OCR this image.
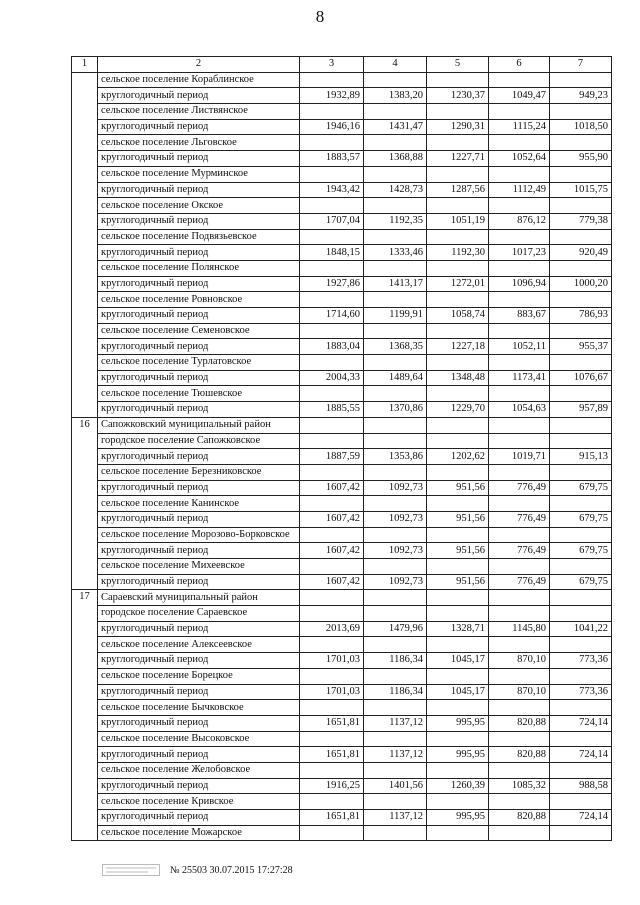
8
1	2	3	4	5	6	7
	сельское поселение Кораблинское					
	круглогодичный период	1932,89	1383,20	1230,37	1049,47	949,23
	сельское поселение Листвянское					
	круглогодичный период	1946,16	1431,47	1290,31	1115,24	1018,50
	сельское поселение Льговское					
	круглогодичный период	1883,57	1368,88	1227,71	1052,64	955,90
	сельское поселение Мурминское					
	круглогодичный период	1943,42	1428,73	1287,56	1112,49	1015,75
	сельское поселение Окское					
	круглогодичный период	1707,04	1192,35	1051,19	876,12	779,38
	сельское поселение Подвязьевское					
	круглогодичный период	1848,15	1333,46	1192,30	1017,23	920,49
	сельское поселение Полянское					
	круглогодичный период	1927,86	1413,17	1272,01	1096,94	1000,20
	сельское поселение Ровновское					
	круглогодичный период	1714,60	1199,91	1058,74	883,67	786,93
	сельское поселение Семеновское					
	круглогодичный период	1883,04	1368,35	1227,18	1052,11	955,37
	сельское поселение Турлатовское					
	круглогодичный период	2004,33	1489,64	1348,48	1173,41	1076,67
	сельское поселение Тюшевское					
	круглогодичный период	1885,55	1370,86	1229,70	1054,63	957,89
16	Сапожковский муниципальный район					
	городское поселение Сапожковское					
	круглогодичный период	1887,59	1353,86	1202,62	1019,71	915,13
	сельское поселение Березниковское					
	круглогодичный период	1607,42	1092,73	951,56	776,49	679,75
	сельское поселение Канинское					
	круглогодичный период	1607,42	1092,73	951,56	776,49	679,75
	сельское поселение Морозово-Борковское					
	круглогодичный период	1607,42	1092,73	951,56	776,49	679,75
	сельское поселение Михеевское					
	круглогодичный период	1607,42	1092,73	951,56	776,49	679,75
17	Сараевский муниципальный район					
	городское поселение Сараевское					
	круглогодичный период	2013,69	1479,96	1328,71	1145,80	1041,22
	сельское поселение Алексеевское					
	круглогодичный период	1701,03	1186,34	1045,17	870,10	773,36
	сельское поселение Борецкое					
	круглогодичный период	1701,03	1186,34	1045,17	870,10	773,36
	сельское поселение Бычковское					
	круглогодичный период	1651,81	1137,12	995,95	820,88	724,14
	сельское поселение Высоковское					
	круглогодичный период	1651,81	1137,12	995,95	820,88	724,14
	сельское поселение Желобовское					
	круглогодичный период	1916,25	1401,56	1260,39	1085,32	988,58
	сельское поселение Кривское					
	круглогодичный период	1651,81	1137,12	995,95	820,88	724,14
	сельское поселение Можарское					
№ 25503 30.07.2015 17:27:28
